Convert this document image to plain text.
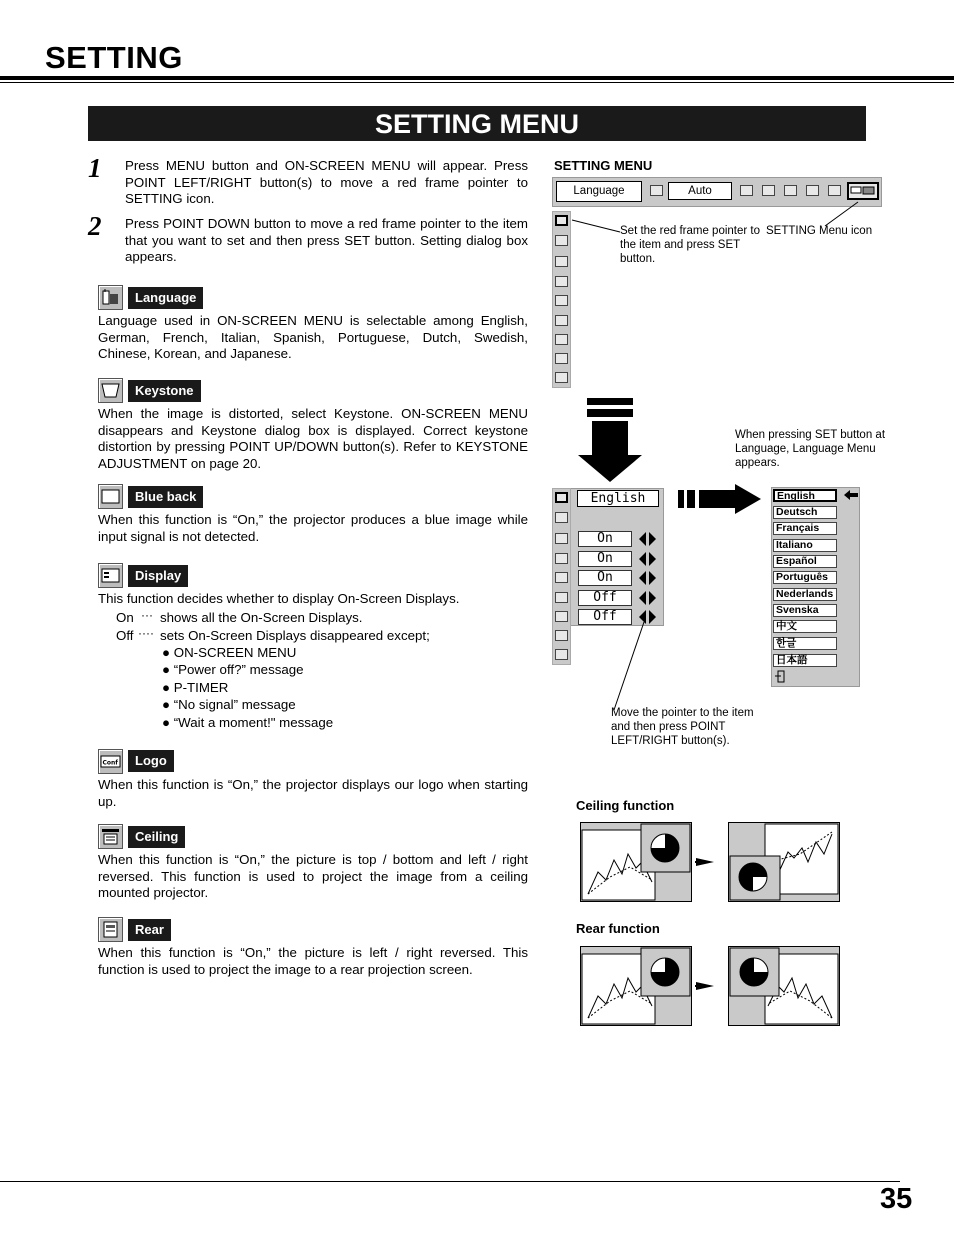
SETTING
SETTING MENU
1 Press MENU button and ON-SCREEN MENU will appear. Press POINT LEFT/RIGHT button(s) to move a red frame pointer to SETTING icon.
2 Press POINT DOWN button to move a red frame pointer to the item that you want to set and then press SET button. Setting dialog box appears.
Language
Language used in ON-SCREEN MENU is selectable among English, German, French, Italian, Spanish, Portuguese, Dutch, Swedish, Chinese, Korean, and Japanese.
Keystone
When the image is distorted, select Keystone. ON-SCREEN MENU disappears and Keystone dialog box is displayed. Correct keystone distortion by pressing POINT UP/DOWN button(s). Refer to KEYSTONE ADJUSTMENT on page 20.
Blue back
When this function is “On,” the projector produces a blue image while input signal is not detected.
Display
This function decides whether to display On-Screen Displays.
On ··· shows all the On-Screen Displays.
Off ···· sets On-Screen Displays disappeared except;
● ON-SCREEN MENU
● “Power off?” message
● P-TIMER
● “No signal” message
● “Wait a moment!" message
Conf	Logo
When this function is “On,” the projector displays our logo when starting up.
Ceiling
When this function is “On,” the picture is top / bottom and left / right reversed. This function is used to project the image from a ceiling mounted projector.
Rear
When this function is “On,” the picture is left / right reversed. This function is used to project the image to a rear projection screen.
SETTING MENU
Language	Auto
Set the red frame pointer to the item and press SET button.
SETTING Menu icon
When pressing SET button at Language, Language Menu appears.
English
On
On
On
Off
Off
English
Deutsch
Français
Italiano
Español
Português
Nederlands
Svenska
中文
한글
日本語
Move the pointer to the item and then press POINT LEFT/RIGHT button(s).
Ceiling function
Rear function
35
